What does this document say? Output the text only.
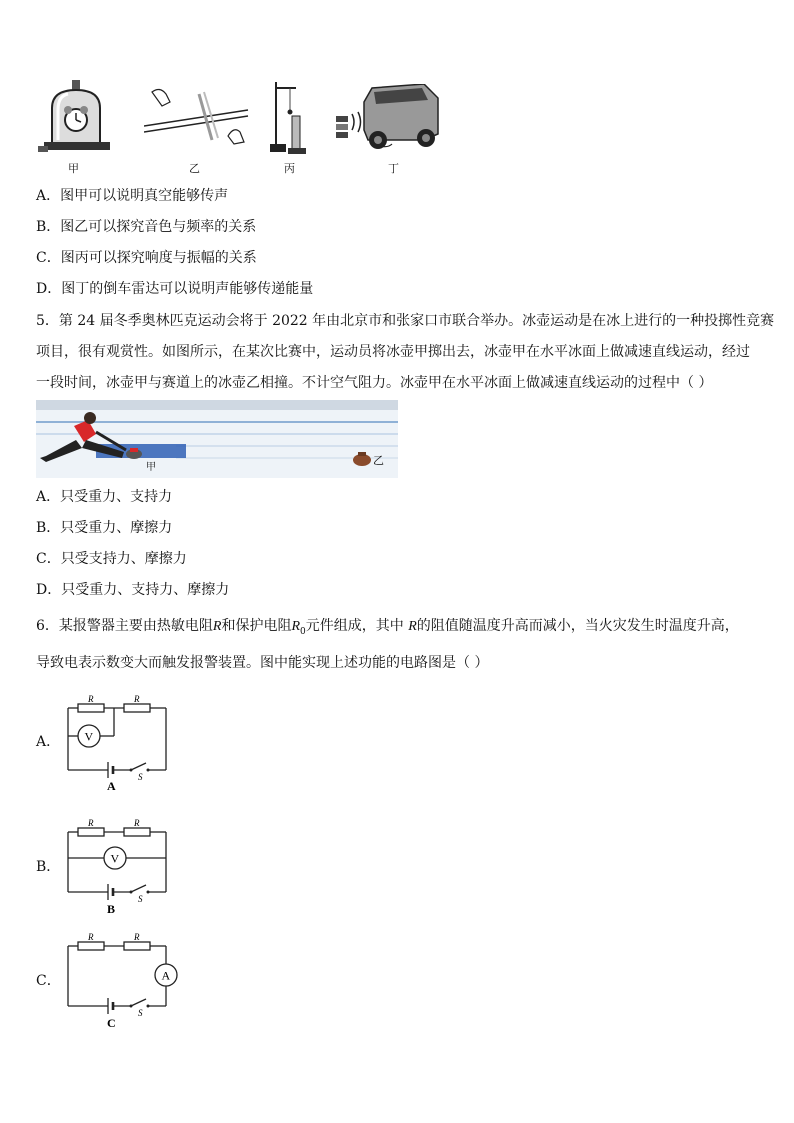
甲	乙	丙	丁
A．图甲可以说明真空能够传声
B．图乙可以探究音色与频率的关系
C．图丙可以探究响度与振幅的关系
D．图丁的倒车雷达可以说明声能够传递能量
5．第 24 届冬季奥林匹克运动会将于 2022 年由北京市和张家口市联合举办。冰壶运动是在冰上进行的一种投掷性竞赛
项目，很有观赏性。如图所示，在某次比赛中，运动员将冰壶甲掷出去，冰壶甲在水平冰面上做减速直线运动，经过
一段时间，冰壶甲与赛道上的冰壶乙相撞。不计空气阻力。冰壶甲在水平冰面上做减速直线运动的过程中（ ）
甲
乙
A．只受重力、支持力
B．只受重力、摩擦力
C．只受支持力、摩擦力
D．只受重力、支持力、摩擦力
6．某报警器主要由热敏电阻R和保护电阻$R_0$元件组成，其中 R的阻值随温度升高而减小，当火灾发生时温度升高，
导致电表示数变大而触发报警装置。图中能实现上述功能的电路图是（ ）
A．
R	R
V
S
A
B．
R	R
V
S
B
C．
R	R
A
S
C
